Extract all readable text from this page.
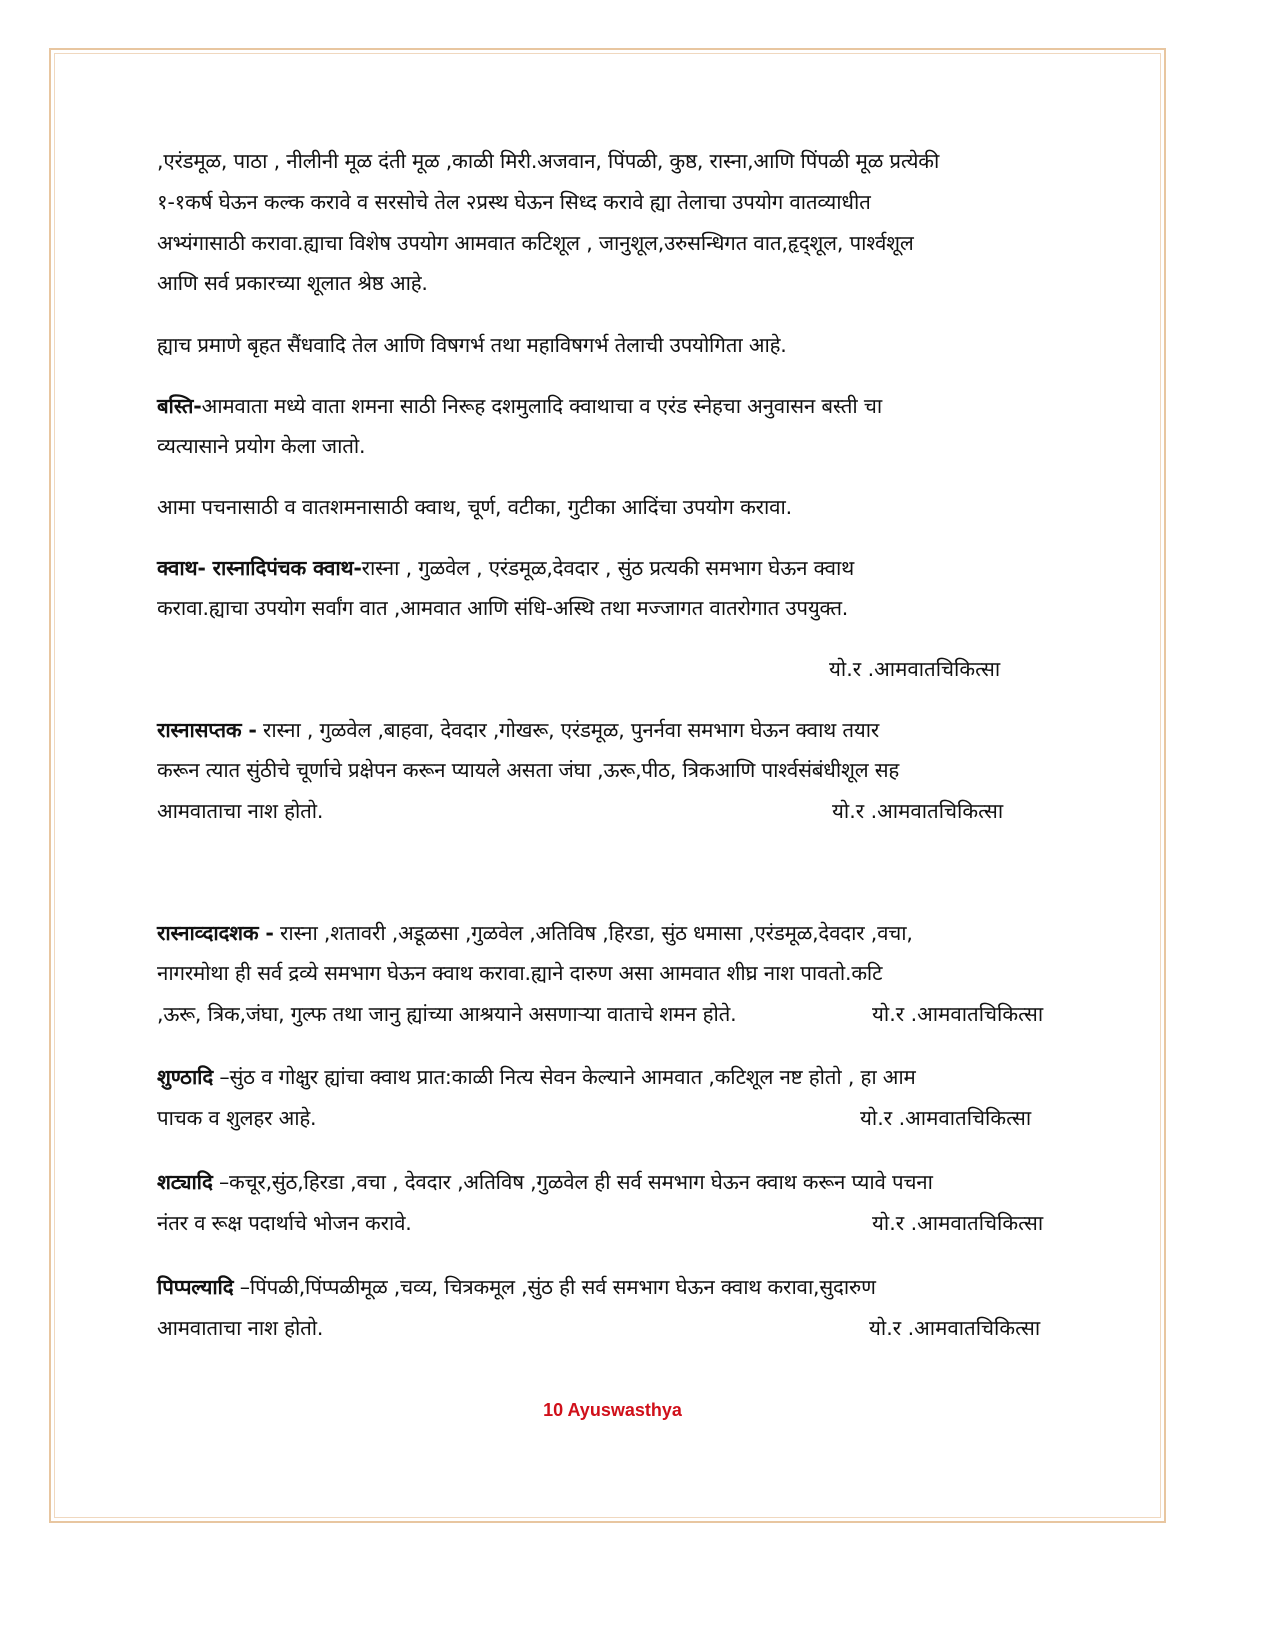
,एरंडमूळ, पाठा , नीलीनी मूळ दंती मूळ ,काळी मिरी.अजवान, पिंपळी, कुष्ठ, रास्ना,आणि पिंपळी मूळ प्रत्येकी
१-१कर्ष घेऊन कल्क करावे व सरसोचे तेल २प्रस्थ घेऊन सिध्द करावे ह्या तेलाचा उपयोग वातव्याधीत
अभ्यंगासाठी करावा.ह्याचा विशेष उपयोग आमवात कटिशूल , जानुशूल,उरुसन्धिगत वात,हृद्शूल, पार्श्वशूल
आणि सर्व प्रकारच्या शूलात श्रेष्ठ आहे.
ह्याच प्रमाणे बृहत सैंधवादि तेल आणि विषगर्भ तथा महाविषगर्भ तेलाची उपयोगिता आहे.
बस्ति-आमवाता मध्ये वाता शमना साठी निरूह दशमुलादि क्वाथाचा व एरंड स्नेहचा अनुवासन बस्ती चा
व्यत्यासाने प्रयोग केला जातो.
आमा पचनासाठी व वातशमनासाठी क्वाथ, चूर्ण, वटीका, गुटीका आदिंचा उपयोग करावा.
क्वाथ- रास्नादिपंचक क्वाथ-रास्ना , गुळवेल , एरंडमूळ,देवदार , सुंठ प्रत्यकी समभाग घेऊन क्वाथ
करावा.ह्याचा उपयोग सर्वांग वात ,आमवात आणि संधि-अस्थि तथा मज्जागत वातरोगात उपयुक्त.
यो.र .आमवातचिकित्सा
रास्नासप्तक - रास्ना , गुळवेल ,बाहवा, देवदार ,गोखरू, एरंडमूळ, पुनर्नवा समभाग घेऊन क्वाथ तयार
करून त्यात सुंठीचे चूर्णाचे प्रक्षेपन करून प्यायले असता जंघा ,ऊरू,पीठ, त्रिकआणि पार्श्वसंबंधीशूल सह
आमवाताचा नाश होतो.	यो.र .आमवातचिकित्सा
रास्नाव्दादशक - रास्ना ,शतावरी ,अडूळसा ,गुळवेल ,अतिविष ,हिरडा, सुंठ धमासा ,एरंडमूळ,देवदार ,वचा,
नागरमोथा ही सर्व द्रव्ये समभाग घेऊन क्वाथ करावा.ह्याने दारुण असा आमवात शीघ्र नाश पावतो.कटि
,ऊरू, त्रिक,जंघा, गुल्फ तथा जानु ह्यांच्या आश्रयाने असणाऱ्या वाताचे शमन होते.	यो.र .आमवातचिकित्सा
शुण्ठादि –सुंठ व गोक्षुर ह्यांचा क्वाथ प्रात:काळी नित्य सेवन केल्याने आमवात ,कटिशूल नष्ट होतो , हा आम
पाचक व शुलहर आहे.	यो.र .आमवातचिकित्सा
शट्यादि –कचूर,सुंठ,हिरडा ,वचा , देवदार ,अतिविष ,गुळवेल ही सर्व समभाग घेऊन क्वाथ करून प्यावे पचना
नंतर व रूक्ष पदार्थाचे भोजन करावे.	यो.र .आमवातचिकित्सा
पिप्पल्यादि –पिंपळी,पिंप्पळीमूळ ,चव्य, चित्रकमूल ,सुंठ ही सर्व समभाग घेऊन क्वाथ करावा,सुदारुण
आमवाताचा नाश होतो.	यो.र .आमवातचिकित्सा
10 Ayuswasthya
